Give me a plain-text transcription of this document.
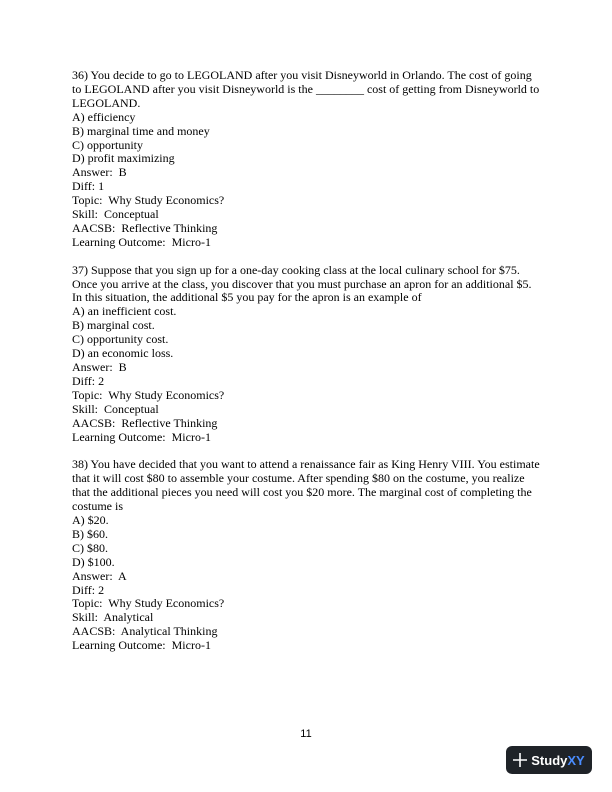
36) You decide to go to LEGOLAND after you visit Disneyworld in Orlando. The cost of going to LEGOLAND after you visit Disneyworld is the ________ cost of getting from Disneyworld to LEGOLAND.
A) efficiency
B) marginal time and money
C) opportunity
D) profit maximizing
Answer:  B
Diff: 1
Topic:  Why Study Economics?
Skill:  Conceptual
AACSB:  Reflective Thinking
Learning Outcome:  Micro-1
37) Suppose that you sign up for a one-day cooking class at the local culinary school for $75. Once you arrive at the class, you discover that you must purchase an apron for an additional $5. In this situation, the additional $5 you pay for the apron is an example of
A) an inefficient cost.
B) marginal cost.
C) opportunity cost.
D) an economic loss.
Answer:  B
Diff: 2
Topic:  Why Study Economics?
Skill:  Conceptual
AACSB:  Reflective Thinking
Learning Outcome:  Micro-1
38) You have decided that you want to attend a renaissance fair as King Henry VIII. You estimate that it will cost $80 to assemble your costume. After spending $80 on the costume, you realize that the additional pieces you need will cost you $20 more. The marginal cost of completing the costume is
A) $20.
B) $60.
C) $80.
D) $100.
Answer:  A
Diff: 2
Topic:  Why Study Economics?
Skill:  Analytical
AACSB:  Analytical Thinking
Learning Outcome:  Micro-1
11
StudyXY
